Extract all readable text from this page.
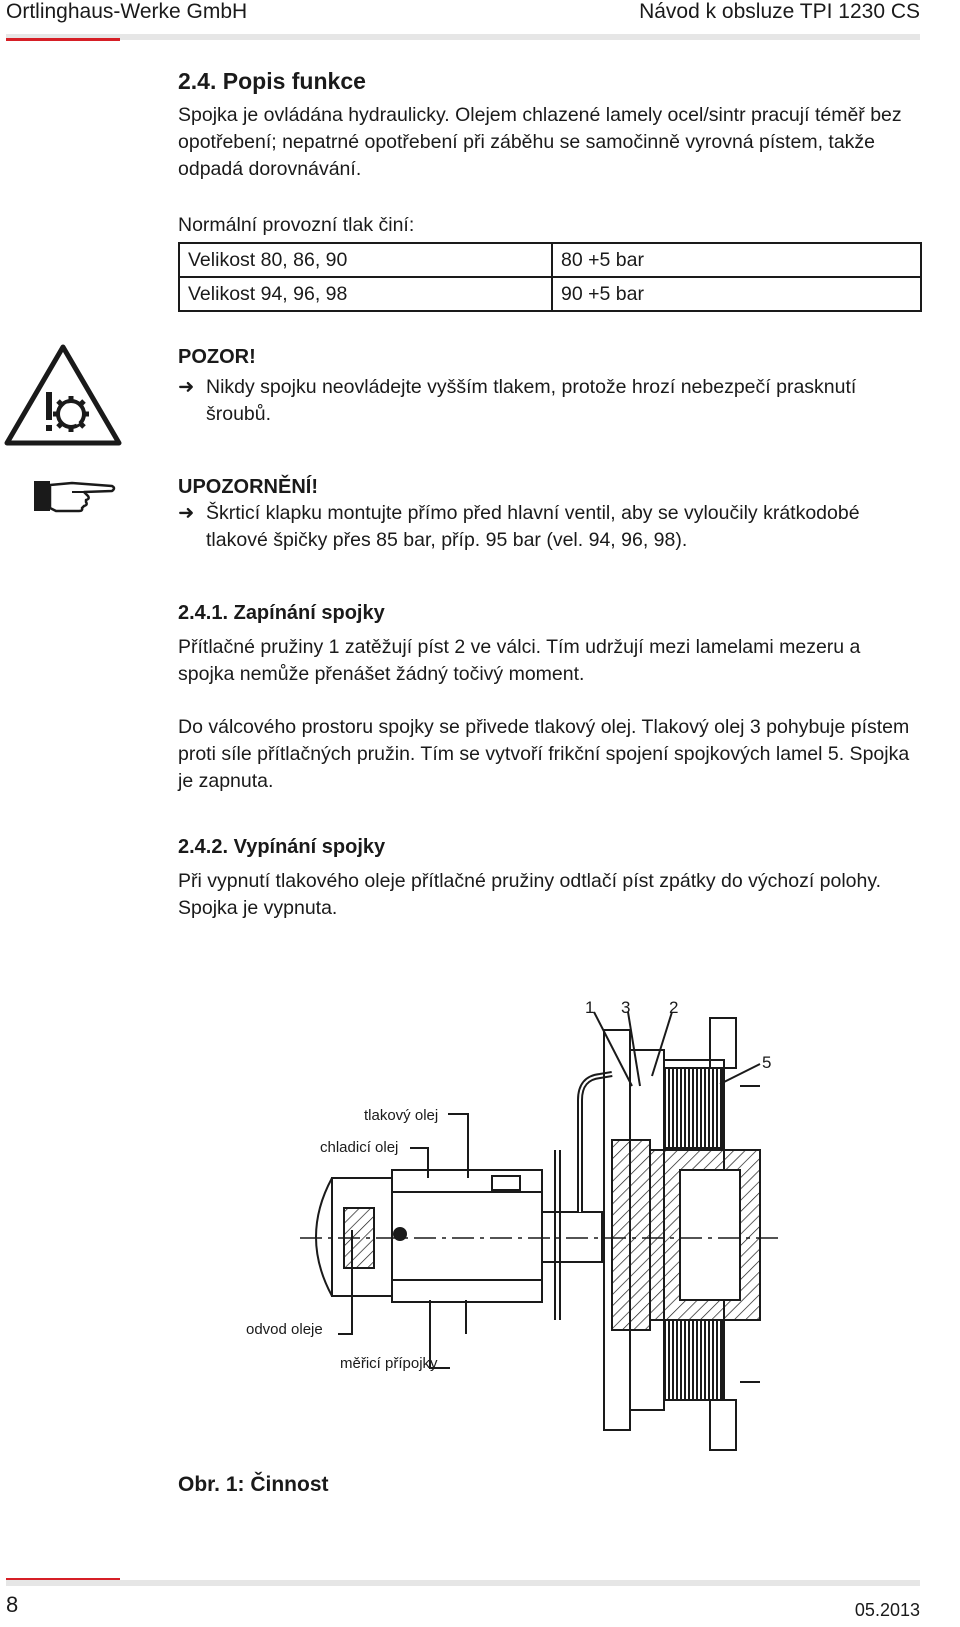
Ortlinghaus-Werke GmbH	Návod k obsluze TPI 1230 CS
2.4. Popis funkce
Spojka je ovládána hydraulicky. Olejem chlazené lamely ocel/sintr pracují téměř bez opotřebení; nepatrné opotřebení při záběhu se samočinně vyrovná pístem, takže odpadá dorovnávání.
Normální provozní tlak činí:
Velikost 80, 86, 90	80 +5 bar
Velikost 94, 96, 98	90 +5 bar
POZOR!
➜ Nikdy spojku neovládejte vyšším tlakem, protože hrozí nebezpečí prasknutí šroubů.
UPOZORNĚNÍ!
➜ Škrticí klapku montujte přímo před hlavní ventil, aby se vyloučily krátkodobé tlakové špičky přes 85 bar, příp. 95 bar (vel. 94, 96, 98).
2.4.1. Zapínání spojky
Přítlačné pružiny 1 zatěžují píst 2 ve válci. Tím udržují mezi lamelami mezeru a spojka nemůže přenášet žádný točivý moment.
Do válcového prostoru spojky se přivede tlakový olej. Tlakový olej 3 pohybuje pístem proti síle přítlačných pružin. Tím se vytvoří frikční spojení spojkových lamel 5. Spojka je zapnuta.
2.4.2. Vypínání spojky
Při vypnutí tlakového oleje přítlačné pružiny odtlačí píst zpátky do výchozí polohy. Spojka je vypnuta.
1 3 2
5
tlakový olej
chladicí olej
odvod oleje
měřicí přípojky
Obr. 1: Činnost
8	05.2013
